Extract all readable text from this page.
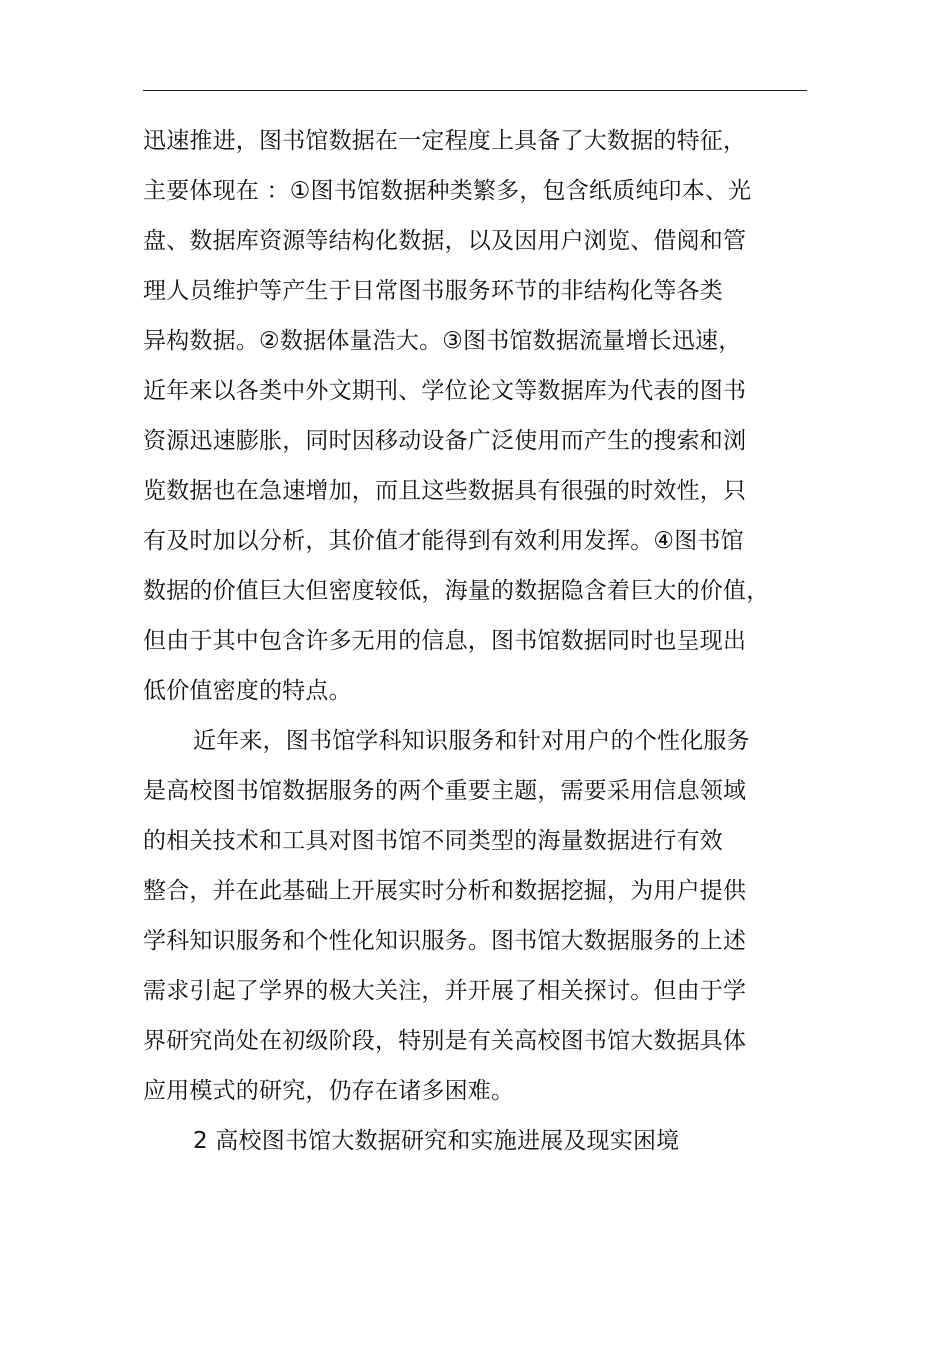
迅速推进，图书馆数据在一定程度上具备了大数据的特征，
主要体现在 ：①图书馆数据种类繁多，包含纸质纯印本、光
盘、数据库资源等结构化数据，以及因用户浏览、借阅和管
理人员维护等产生于日常图书服务环节的非结构化等各类
异构数据。②数据体量浩大。③图书馆数据流量增长迅速，
近年来以各类中外文期刊、学位论文等数据库为代表的图书
资源迅速膨胀，同时因移动设备广泛使用而产生的搜索和浏
览数据也在急速增加，而且这些数据具有很强的时效性，只
有及时加以分析，其价值才能得到有效利用发挥。④图书馆
数据的价值巨大但密度较低，海量的数据隐含着巨大的价值，
但由于其中包含许多无用的信息，图书馆数据同时也呈现出
低价值密度的特点。
近年来，图书馆学科知识服务和针对用户的个性化服务
是高校图书馆数据服务的两个重要主题，需要采用信息领域
的相关技术和工具对图书馆不同类型的海量数据进行有效
整合，并在此基础上开展实时分析和数据挖掘，为用户提供
学科知识服务和个性化知识服务。图书馆大数据服务的上述
需求引起了学界的极大关注，并开展了相关探讨。但由于学
界研究尚处在初级阶段，特别是有关高校图书馆大数据具体
应用模式的研究，仍存在诸多困难。
2 高校图书馆大数据研究和实施进展及现实困境
